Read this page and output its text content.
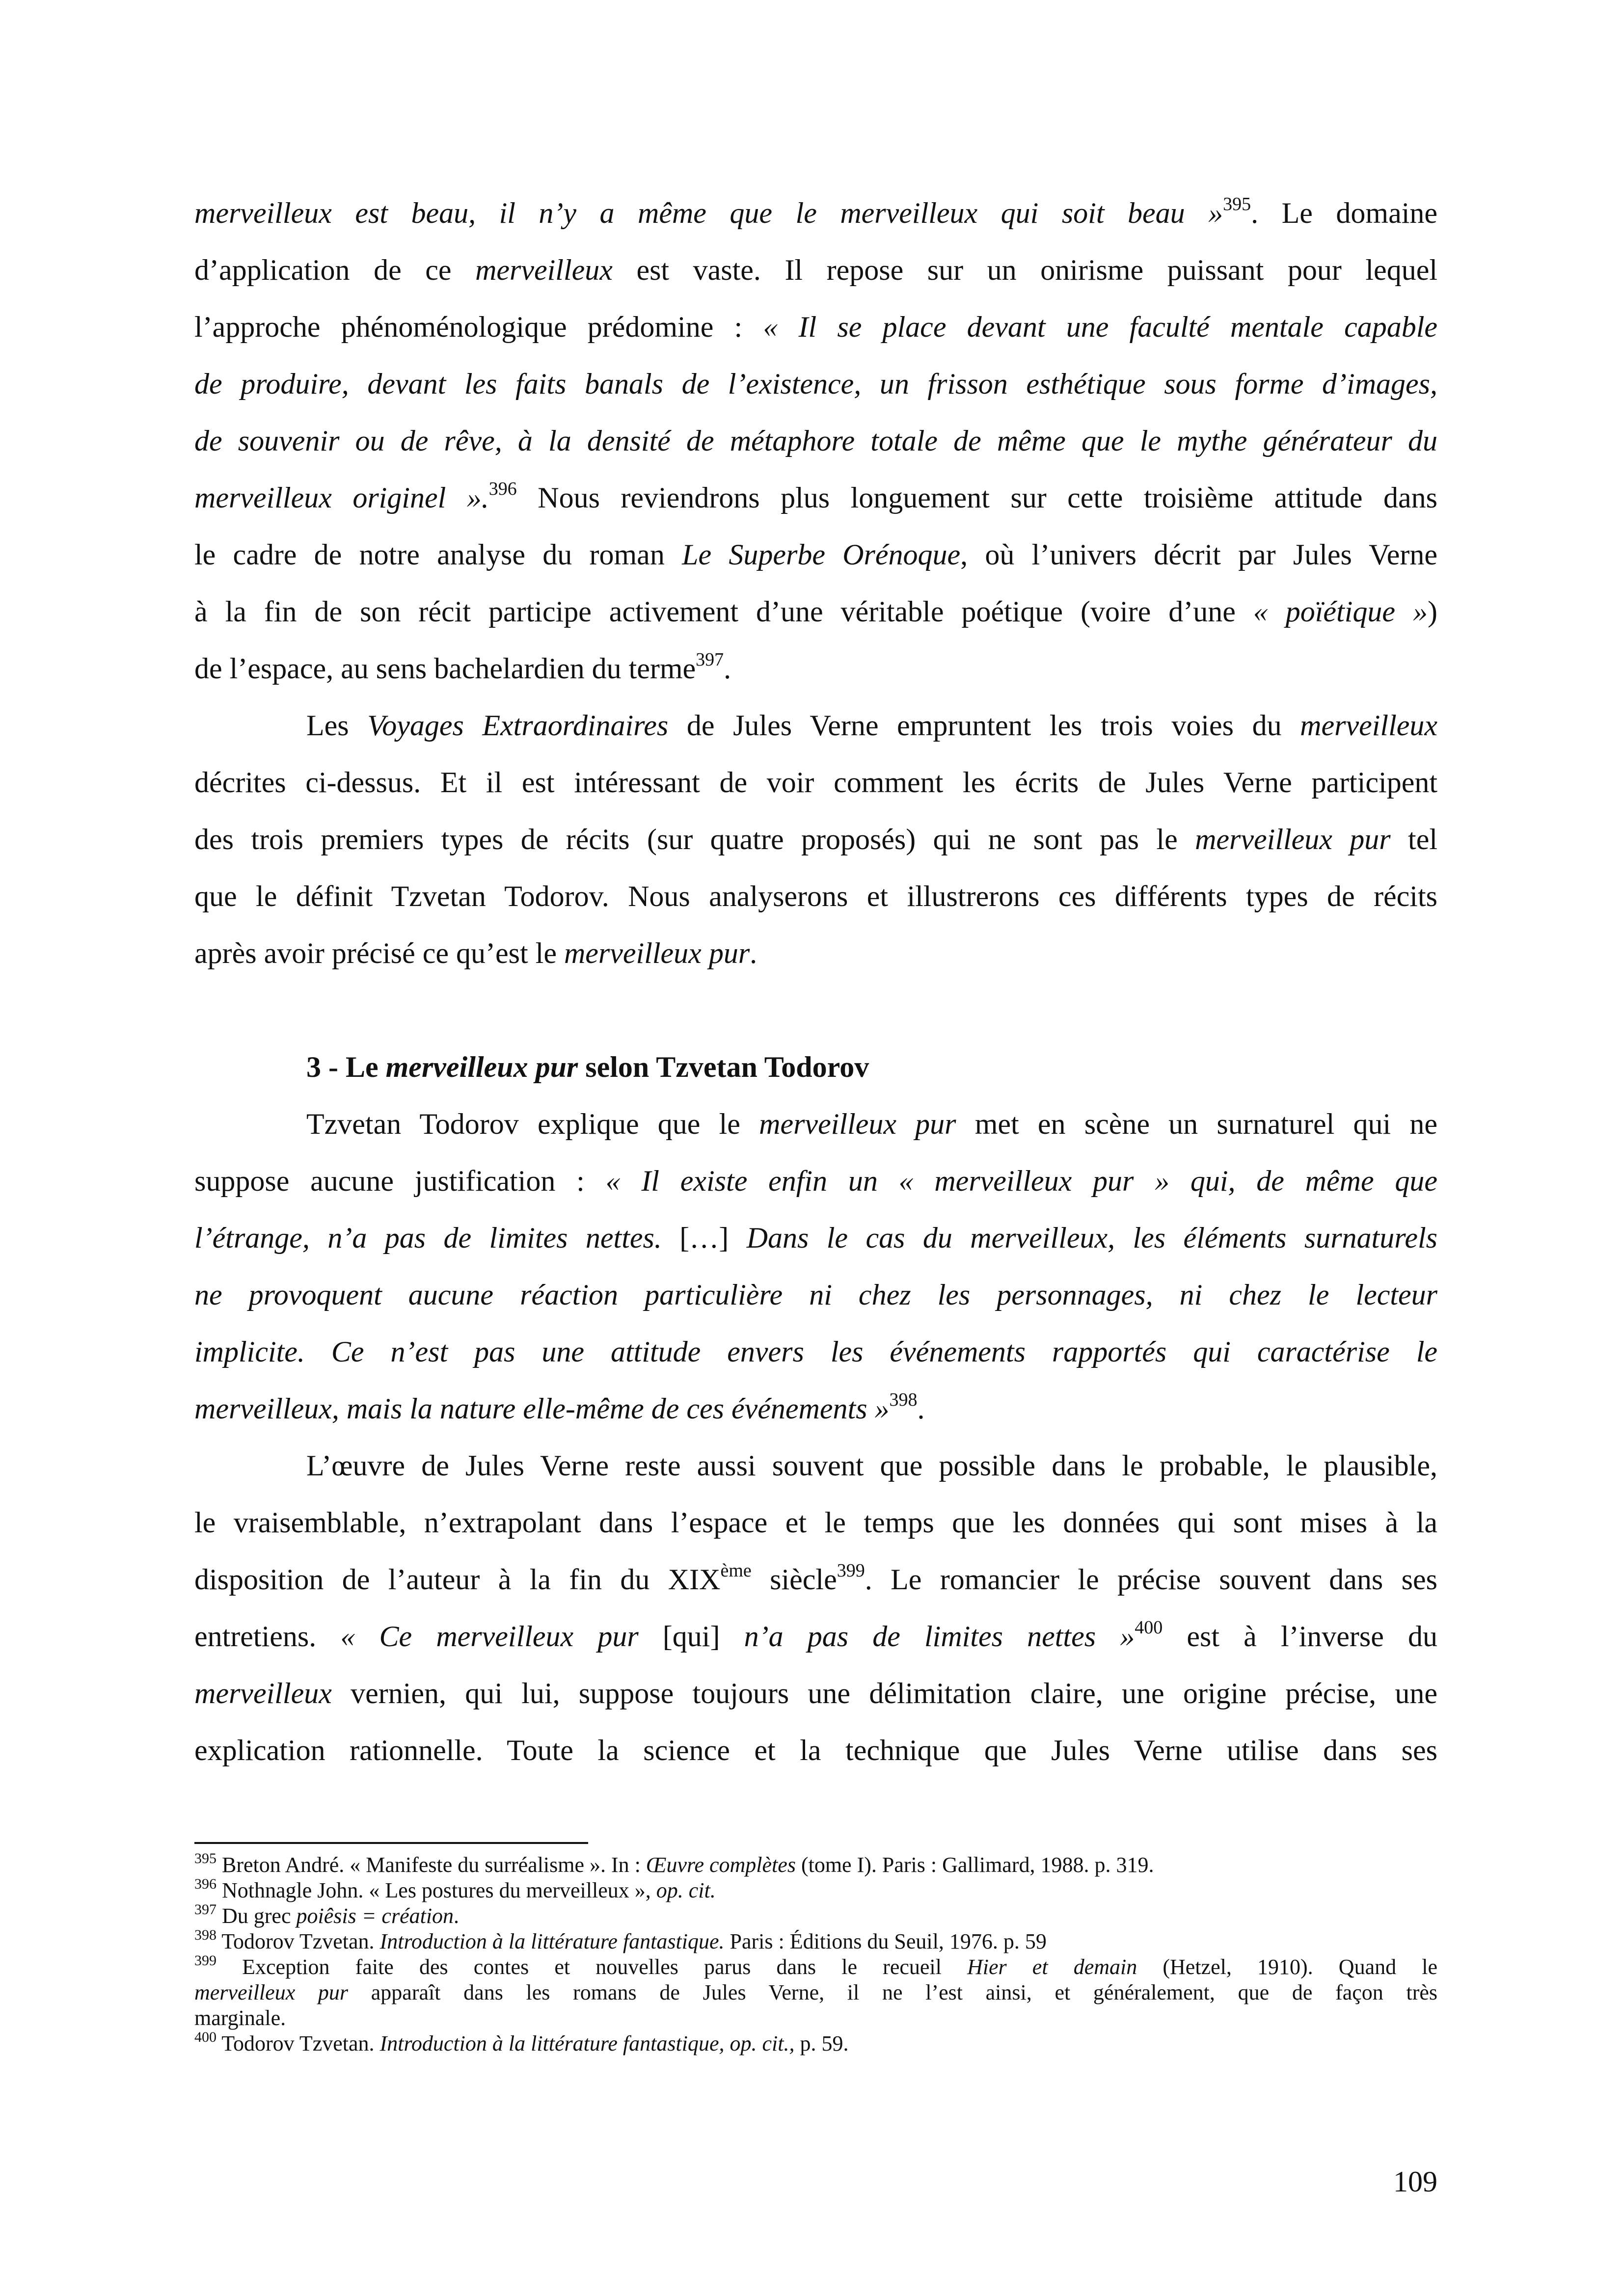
merveilleux est beau, il n’y a même que le merveilleux qui soit beau »$^{395}$. Le domaine
d’application de ce merveilleux est vaste. Il repose sur un onirisme puissant pour lequel
l’approche phénoménologique prédomine : « Il se place devant une faculté mentale capable
de produire, devant les faits banals de l’existence, un frisson esthétique sous forme d’images,
de souvenir ou de rêve, à la densité de métaphore totale de même que le mythe générateur du
merveilleux originel ».$^{396}$ Nous reviendrons plus longuement sur cette troisième attitude dans
le cadre de notre analyse du roman Le Superbe Orénoque, où l’univers décrit par Jules Verne
à la fin de son récit participe activement d’une véritable poétique (voire d’une « poïétique »)
de l’espace, au sens bachelardien du terme$^{397}$.
Les Voyages Extraordinaires de Jules Verne empruntent les trois voies du merveilleux
décrites ci-dessus. Et il est intéressant de voir comment les écrits de Jules Verne participent
des trois premiers types de récits (sur quatre proposés) qui ne sont pas le merveilleux pur tel
que le définit Tzvetan Todorov. Nous analyserons et illustrerons ces différents types de récits
après avoir précisé ce qu’est le merveilleux pur.
3 - Le merveilleux pur selon Tzvetan Todorov
Tzvetan Todorov explique que le merveilleux pur met en scène un surnaturel qui ne
suppose aucune justification : « Il existe enfin un « merveilleux pur » qui, de même que
l’étrange, n’a pas de limites nettes. […] Dans le cas du merveilleux, les éléments surnaturels
ne provoquent aucune réaction particulière ni chez les personnages, ni chez le lecteur
implicite. Ce n’est pas une attitude envers les événements rapportés qui caractérise le
merveilleux, mais la nature elle-même de ces événements »$^{398}$.
L’œuvre de Jules Verne reste aussi souvent que possible dans le probable, le plausible,
le vraisemblable, n’extrapolant dans l’espace et le temps que les données qui sont mises à la
disposition de l’auteur à la fin du XIXème siècle$^{399}$. Le romancier le précise souvent dans ses
entretiens. « Ce merveilleux pur [qui] n’a pas de limites nettes »$^{400}$ est à l’inverse du
merveilleux vernien, qui lui, suppose toujours une délimitation claire, une origine précise, une
explication rationnelle. Toute la science et la technique que Jules Verne utilise dans ses
$^{395}$ Breton André. « Manifeste du surréalisme ». In : Œuvre complètes (tome I). Paris : Gallimard, 1988. p. 319.
$^{396}$ Nothnagle John. « Les postures du merveilleux », op. cit.
$^{397}$ Du grec poiêsis = création.
$^{398}$ Todorov Tzvetan. Introduction à la littérature fantastique. Paris : Éditions du Seuil, 1976. p. 59
$^{399}$ Exception faite des contes et nouvelles parus dans le recueil Hier et demain (Hetzel, 1910). Quand le
merveilleux pur apparaît dans les romans de Jules Verne, il ne l’est ainsi, et généralement, que de façon très
marginale.
$^{400}$ Todorov Tzvetan. Introduction à la littérature fantastique, op. cit., p. 59.
109
